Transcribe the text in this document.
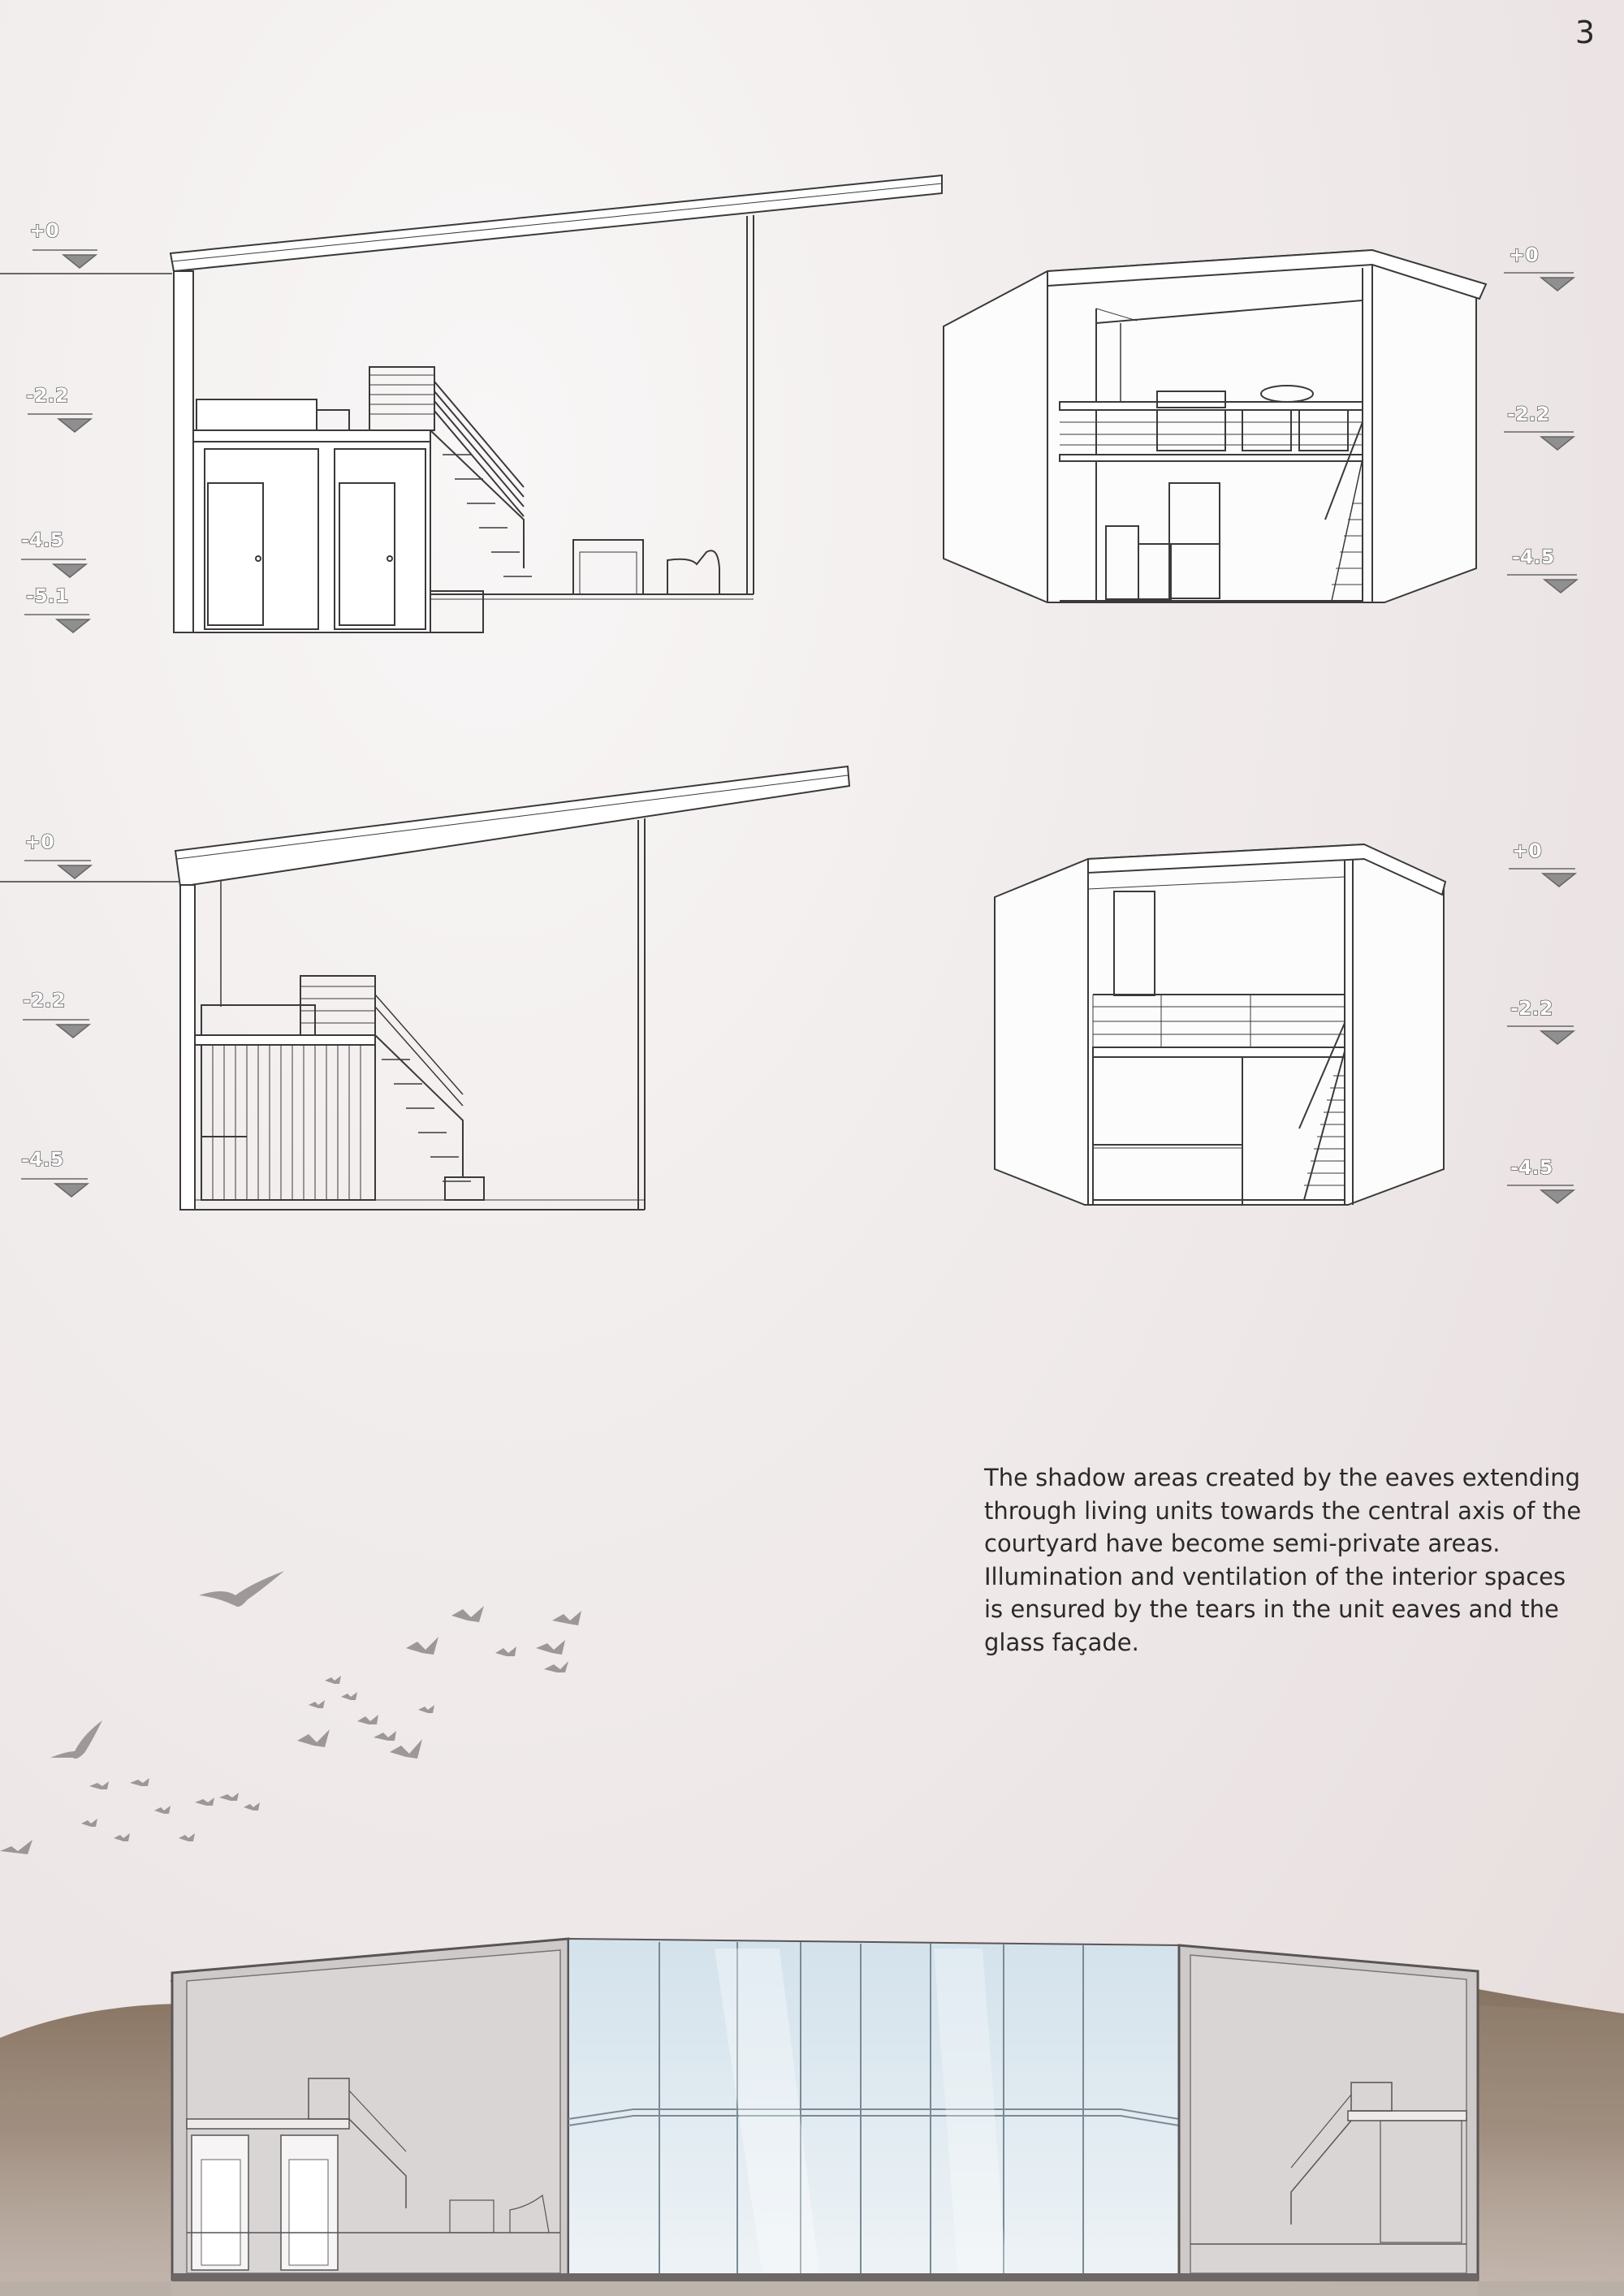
3
+0
-2.2
-4.5
-5.1
+0
-2.2
-4.5
+0
-2.2
-4.5
+0
-2.2
-4.5
The shadow areas created by the eaves extending
through living units towards the central axis of the
courtyard have become semi-private areas.
Illumination and ventilation of the interior spaces
is ensured by the tears in the unit eaves and the
glass façade.
